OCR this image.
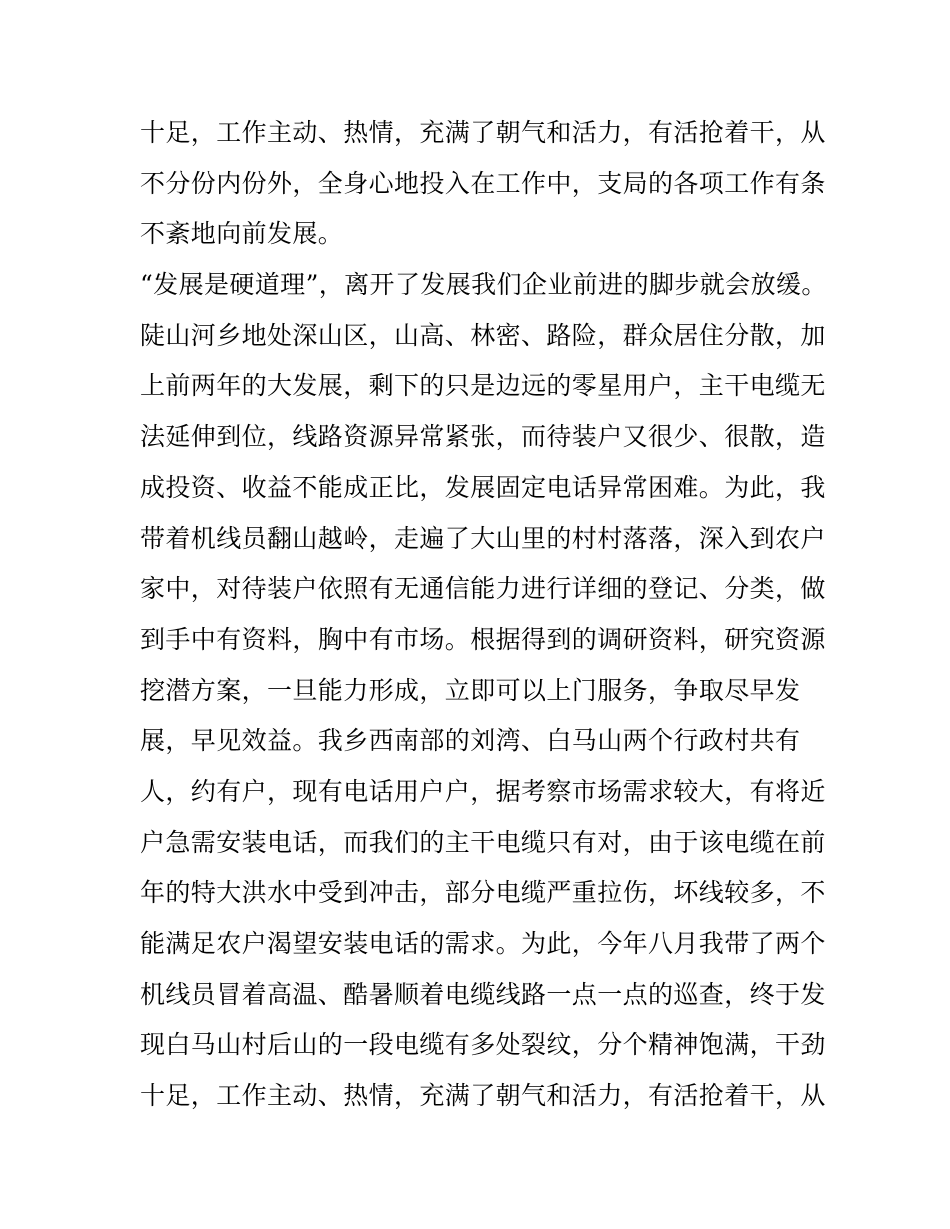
十足，工作主动、热情，充满了朝气和活力，有活抢着干，从
不分份内份外，全身心地投入在工作中，支局的各项工作有条
不紊地向前发展。
“发展是硬道理”，离开了发展我们企业前进的脚步就会放缓。
陡山河乡地处深山区，山高、林密、路险，群众居住分散，加
上前两年的大发展，剩下的只是边远的零星用户，主干电缆无
法延伸到位，线路资源异常紧张，而待装户又很少、很散，造
成投资、收益不能成正比，发展固定电话异常困难。为此，我
带着机线员翻山越岭，走遍了大山里的村村落落，深入到农户
家中，对待装户依照有无通信能力进行详细的登记、分类，做
到手中有资料，胸中有市场。根据得到的调研资料，研究资源
挖潜方案，一旦能力形成，立即可以上门服务，争取尽早发
展，早见效益。我乡西南部的刘湾、白马山两个行政村共有
人，约有户，现有电话用户户，据考察市场需求较大，有将近
户急需安装电话，而我们的主干电缆只有对，由于该电缆在前
年的特大洪水中受到冲击，部分电缆严重拉伤，坏线较多，不
能满足农户渴望安装电话的需求。为此，今年八月我带了两个
机线员冒着高温、酷暑顺着电缆线路一点一点的巡查，终于发
现白马山村后山的一段电缆有多处裂纹，分个精神饱满，干劲
十足，工作主动、热情，充满了朝气和活力，有活抢着干，从
